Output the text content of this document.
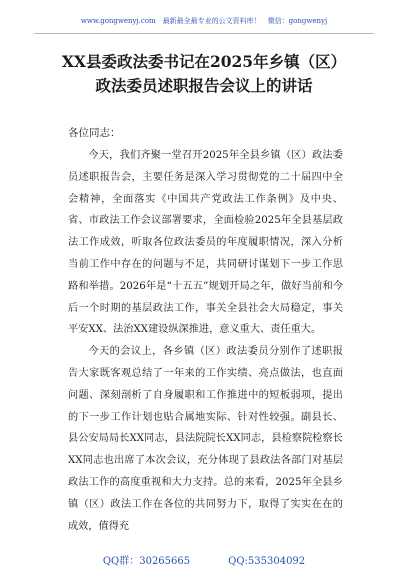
www.gongwenyj.com 最新最全最专业的公文资料库！ 微信：gongwenyj
XX县委政法委书记在2025年乡镇（区）
政法委员述职报告会议上的讲话
各位同志：

今天，我们齐聚一堂召开2025年全县乡镇（区）政法委员述职报告会，主要任务是深入学习贯彻党的二十届四中全会精神，全面落实《中国共产党政法工作条例》及中央、省、市政法工作会议部署要求，全面检验2025年全县基层政法工作成效，听取各位政法委员的年度履职情况，深入分析当前工作中存在的问题与不足，共同研讨谋划下一步工作思路和举措。2026年是“十五五”规划开局之年，做好当前和今后一个时期的基层政法工作，事关全县社会大局稳定，事关平安XX、法治XX建设纵深推进，意义重大、责任重大。

今天的会议上，各乡镇（区）政法委员分别作了述职报告大家既客观总结了一年来的工作实绩、亮点做法，也直面问题、深刻剖析了自身履职和工作推进中的短板弱项，提出的下一步工作计划也贴合属地实际、针对性较强。副县长、县公安局局长XX同志，县法院院长XX同志，县检察院检察长XX同志也出席了本次会议，充分体现了县政法各部门对基层政法工作的高度重视和大力支持。总的来看，2025年全县乡镇（区）政法工作在各位的共同努力下，取得了实实在在的成效，值得充

QQ群：30265665	QQ:535304092
